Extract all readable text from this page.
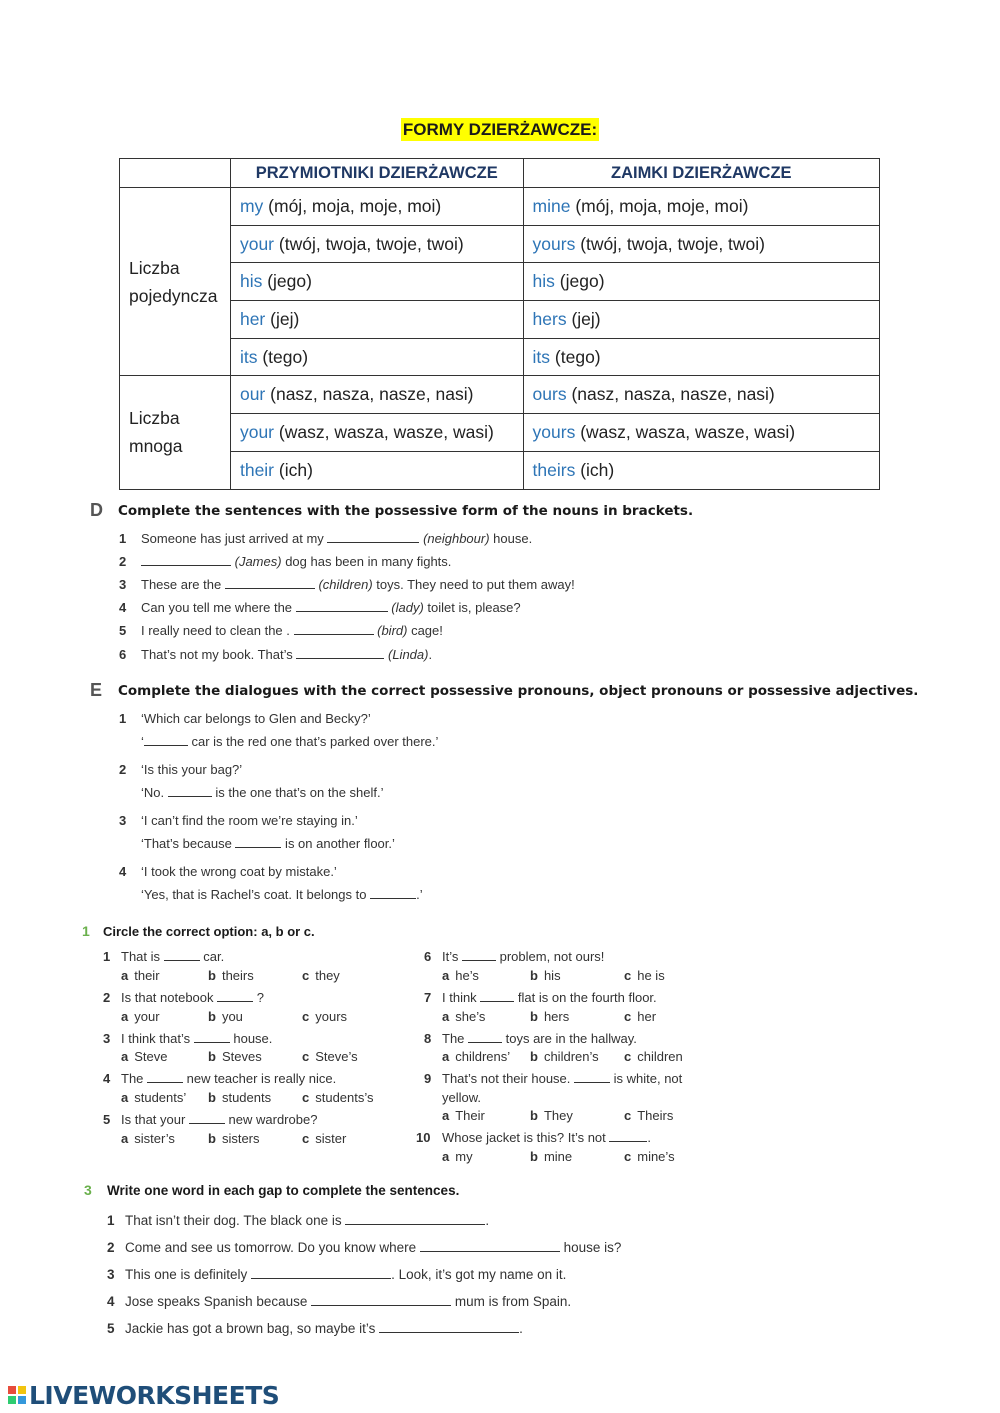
FORMY DZIERŻAWCZE:
	PRZYMIOTNIKI DZIERŻAWCZE	ZAIMKI DZIERŻAWCZE
Liczba
pojedyncza	my (mój, moja, moje, moi)	mine (mój, moja, moje, moi)
	your (twój, twoja, twoje, twoi)	yours (twój, twoja, twoje, twoi)
	his (jego)	his (jego)
	her (jej)	hers (jej)
	its (tego)	its (tego)
Liczba
mnoga	our (nasz, nasza, nasze, nasi)	ours (nasz, nasza, nasze, nasi)
	your (wasz, wasza, wasze, wasi)	yours (wasz, wasza, wasze, wasi)
	their (ich)	theirs (ich)
D Complete the sentences with the possessive form of the nouns in brackets.
1 Someone has just arrived at my	(neighbour) house.
2	(James) dog has been in many fights.
3 These are the	(children) toys. They need to put them away!
4 Can you tell me where the	(lady) toilet is, please?
5 I really need to clean the .	(bird) cage!
6 That’s not my book. That’s	(Linda).
E Complete the dialogues with the correct possessive pronouns, object pronouns or possessive adjectives.
1 ‘Which car belongs to Glen and Becky?’
‘	car is the red one that’s parked over there.’
2 ‘Is this your bag?’
‘No.	is the one that’s on the shelf.’
3 ‘I can’t find the room we’re staying in.’
‘That’s because	is on another floor.’
4 ‘I took the wrong coat by mistake.’
‘Yes, that is Rachel’s coat. It belongs to	.’
1 Circle the correct option: a, b or c.
1 That is	car.
a their	b theirs	c they
2 Is that notebook	?
a your	b you	c yours
3 I think that’s	house.
a Steve	b Steves	c Steve’s
4 The	new teacher is really nice.
a students’ b students c students’s
5 Is that your	new wardrobe?
a sister’s	b sisters	c sister
6 It’s	problem, not ours!
a he’s	b his	c he is
7 I think	flat is on the fourth floor.
a she’s	b hers	c her
8 The	toys are in the hallway.
a childrens’ b children’s c children
9 That’s not their house.	is white, not
yellow.
a Their	b They	c Theirs
10 Whose jacket is this? It’s not	.
a my	b mine	c mine’s
3 Write one word in each gap to complete the sentences.
1 That isn’t their dog. The black one is	.
2 Come and see us tomorrow. Do you know where	house is?
3 This one is definitely	. Look, it’s got my name on it.
4 Jose speaks Spanish because	mum is from Spain.
5 Jackie has got a brown bag, so maybe it’s	.
LIVEWORKSHEETS
